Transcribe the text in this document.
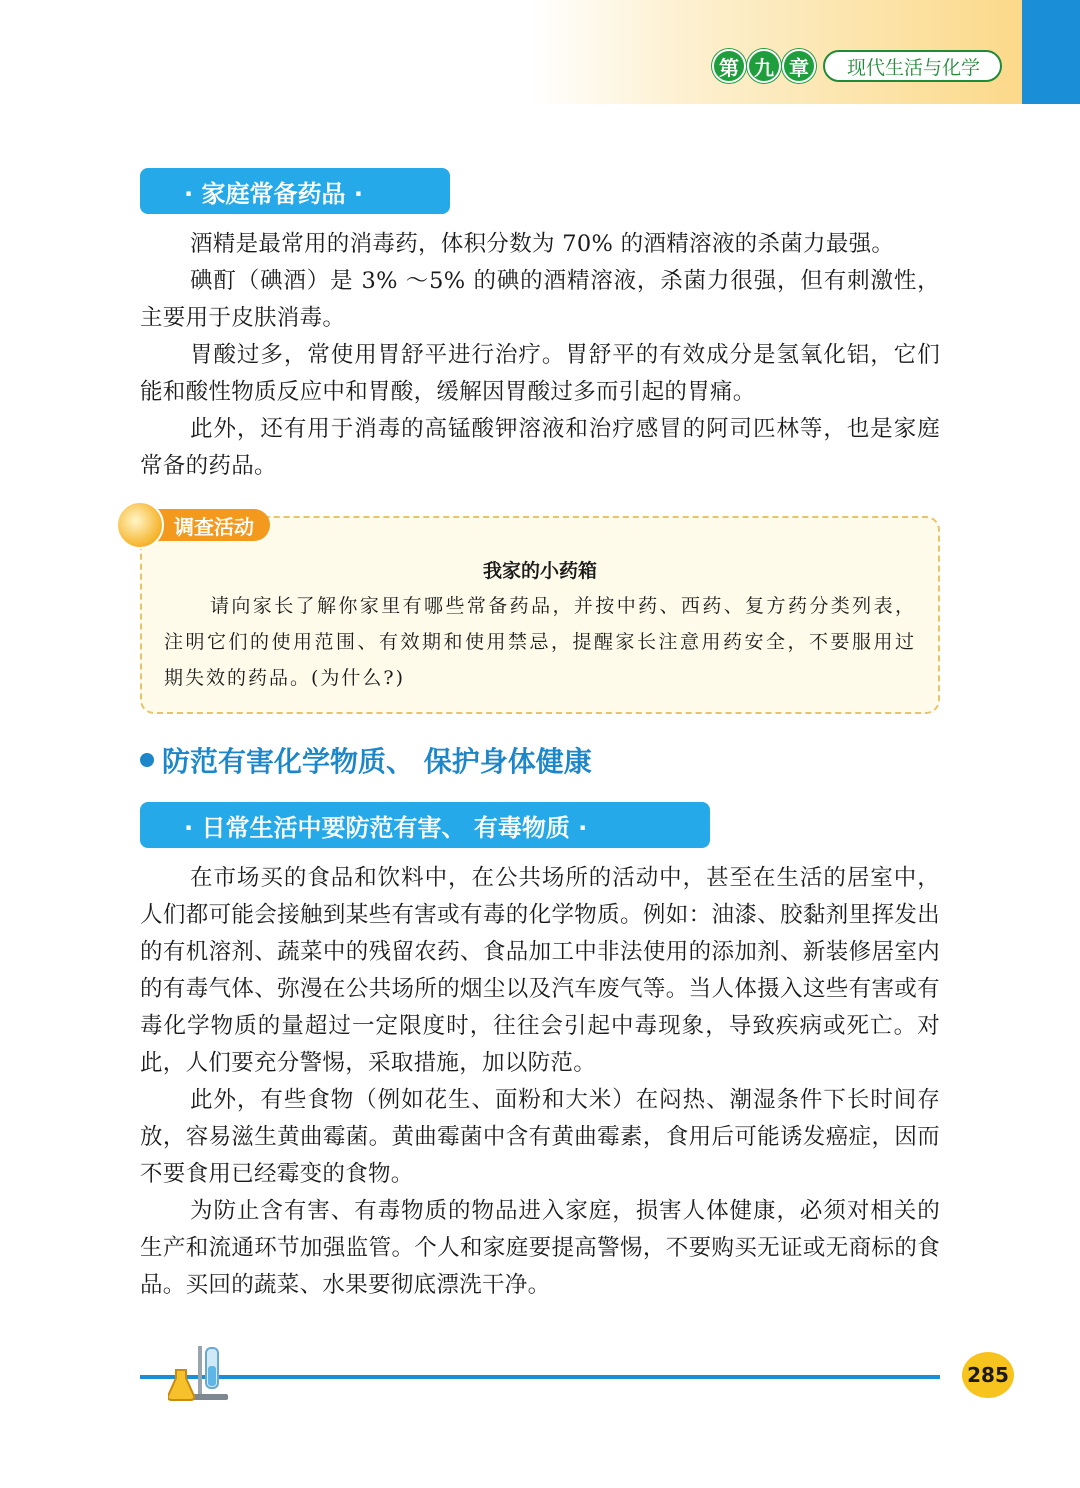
第 九 章	现代生活与化学
· 家庭常备药品 ·

酒精是最常用的消毒药，体积分数为 70% 的酒精溶液的杀菌力最强。

碘酊（碘酒）是 3% ～5% 的碘的酒精溶液，杀菌力很强，但有刺激性，主要用于皮肤消毒。

胃酸过多，常使用胃舒平进行治疗。胃舒平的有效成分是氢氧化铝，它们能和酸性物质反应中和胃酸，缓解因胃酸过多而引起的胃痛。

此外，还有用于消毒的高锰酸钾溶液和治疗感冒的阿司匹林等，也是家庭常备的药品。

调查活动
我家的小药箱

请向家长了解你家里有哪些常备药品，并按中药、西药、复方药分类列表，注明它们的使用范围、有效期和使用禁忌，提醒家长注意用药安全，不要服用过期失效的药品。(为什么?)

防范有害化学物质、 保护身体健康
· 日常生活中要防范有害、 有毒物质 ·

在市场买的食品和饮料中，在公共场所的活动中，甚至在生活的居室中，人们都可能会接触到某些有害或有毒的化学物质。例如：油漆、胶黏剂里挥发出的有机溶剂、蔬菜中的残留农药、食品加工中非法使用的添加剂、新装修居室内的有毒气体、弥漫在公共场所的烟尘以及汽车废气等。当人体摄入这些有害或有毒化学物质的量超过一定限度时，往往会引起中毒现象，导致疾病或死亡。对此，人们要充分警惕，采取措施，加以防范。

此外，有些食物（例如花生、面粉和大米）在闷热、潮湿条件下长时间存放，容易滋生黄曲霉菌。黄曲霉菌中含有黄曲霉素，食用后可能诱发癌症，因而不要食用已经霉变的食物。

为防止含有害、有毒物质的物品进入家庭，损害人体健康，必须对相关的生产和流通环节加强监管。个人和家庭要提高警惕，不要购买无证或无商标的食品。买回的蔬菜、水果要彻底漂洗干净。

285
